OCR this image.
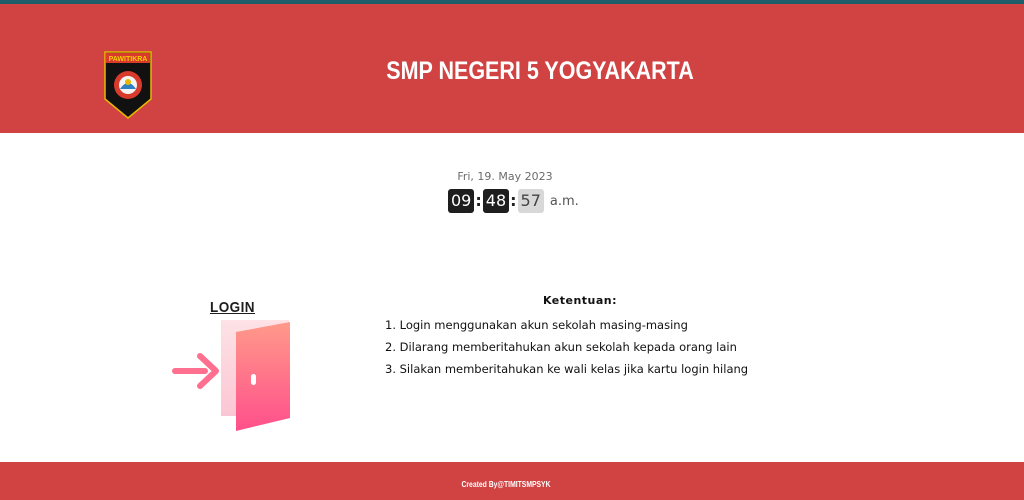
PAWITIKRA	SMP NEGERI 5 YOGYAKARTA
Fri, 19. May 2023
09 : 48 : 57 a.m.
LOGIN	Ketentuan:
1. Login menggunakan akun sekolah masing-masing
2. Dilarang memberitahukan akun sekolah kepada orang lain
3. Silakan memberitahukan ke wali kelas jika kartu login hilang
Created By@TIMITSMPSYK
